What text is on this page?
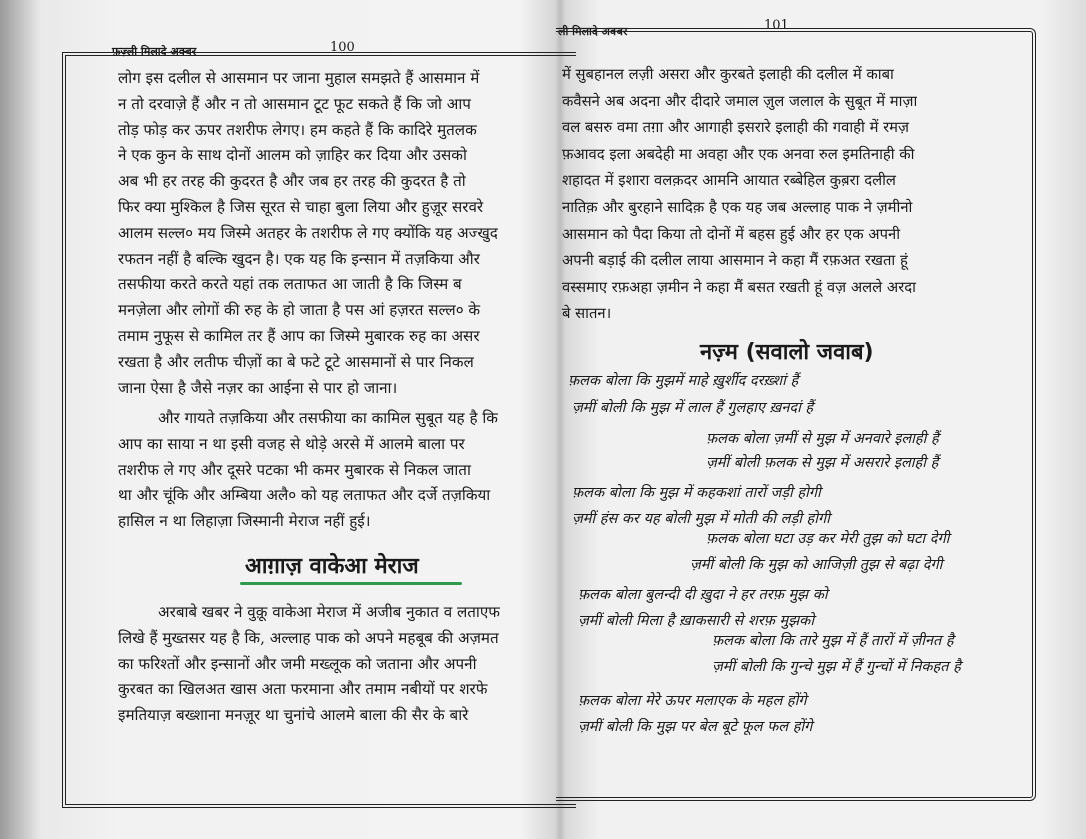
फ़ज़्ली मिलादे अक्बर	100
लोग इस दलील से आसमान पर जाना मुहाल समझते हैं आसमान में
न तो दरवाज़े हैं और न तो आसमान टूट फूट सकते हैं कि जो आप
तोड़ फोड़ कर ऊपर तशरीफ लेगए। हम कहते हैं कि कादिरे मुतलक
ने एक कुन के साथ दोनों आलम को ज़ाहिर कर दिया और उसको
अब भी हर तरह की कुदरत है और जब हर तरह की कुदरत है तो
फिर क्या मुश्किल है जिस सूरत से चाहा बुला लिया और हुज़ूर सरवरे
आलम सल्ल० मय जिस्मे अतहर के तशरीफ ले गए क्योंकि यह अज्खुद
रफतन नहीं है बल्कि खुदन है। एक यह कि इन्सान में तज़किया और
तसफीया करते करते यहां तक लताफत आ जाती है कि जिस्म ब
मनज़ेला और लोगों की रुह के हो जाता है पस आं हज़रत सल्ल० के
तमाम नुफूस से कामिल तर हैं आप का जिस्मे मुबारक रुह का असर
रखता है और लतीफ चीज़ों का बे फटे टूटे आसमानों से पार निकल
जाना ऐसा है जैसे नज़र का आईना से पार हो जाना।
और गायते तज़किया और तसफीया का कामिल सुबूत यह है कि
आप का साया न था इसी वजह से थोड़े अरसे में आलमे बाला पर
तशरीफ ले गए और दूसरे पटका भी कमर मुबारक से निकल जाता
था और चूंकि और अम्बिया अलै० को यह लताफत और दर्जे तज़किया
हासिल न था लिहाज़ा जिस्मानी मेराज नहीं हुई।
आग़ाज़ वाकेआ मेराज
अरबाबे खबर ने वुक़ू वाकेआ मेराज में अजीब नुकात व लताएफ
लिखे हैं मुख्तसर यह है कि, अल्लाह पाक को अपने महबूब की अज़मत
का फरिश्तों और इन्सानों और जमी मख्लूक को जताना और अपनी
कुरबत का खिलअत खास अता फरमाना और तमाम नबीयों पर शरफे
इमतियाज़ बख्शाना मनज़ूर था चुनांचे आलमे बाला की सैर के बारे
ली मिलादे अक्बर	101
में सुबहानल लज़ी असरा और कुरबते इलाही की दलील में काबा
कवैसने अब अदना और दीदारे जमाल ज़ुल जलाल के सुबूत में माज़ा
वल बसरु वमा तग़ा और आगाही इसरारे इलाही की गवाही में रमज़
फ़आवद इला अबदेही मा अवहा और एक अनवा रुल इमतिनाही की
शहादत में इशारा वलक़दर आमनि आयात रब्बेहिल कुब़रा दलील
नातिक़ और बुरहाने सादिक़ है एक यह जब अल्लाह पाक ने ज़मीनो
आसमान को पैदा किया तो दोनों में बहस हुई और हर एक अपनी
अपनी बड़ाई की दलील लाया आसमान ने कहा मैं रफ़अत रखता हूं
वस्समाए रफ़अहा ज़मीन ने कहा मैं बसत रखती हूं वज़ अलले अरदा
बे सातन।
नज़्म (सवालो जवाब)
फ़लक बोला कि मुझमें माहे ख़ुर्शीद दरख़्शां हैं
ज़मीं बोली कि मुझ में लाल हैं गुलहाए ख़नदां हैं
फ़लक बोला ज़मीं से मुझ में अनवारे इलाही हैं
ज़मीं बोली फ़लक से मुझ में असरारे इलाही हैं
फ़लक बोला कि मुझ में कहकशां तारों जड़ी होगी
ज़मीं हंस कर यह बोली मुझ में मोती की लड़ी होगी
फ़लक बोला घटा उड़ कर मेरी तुझ को घटा देगी
ज़मीं बोली कि मुझ को आजिज़ी तुझ से बढ़ा देगी
फ़लक बोला बुलन्दी दी ख़ुदा ने हर तरफ़ मुझ को
ज़मीं बोली मिला है ख़ाकसारी से शरफ़ मुझको
फ़लक बोला कि तारे मुझ में हैं तारों में ज़ीनत है
ज़मीं बोली कि गुन्चे मुझ में हैं गुन्चों में निकहत है
फ़लक बोला मेरे ऊपर मलाएक के महल होंगे
ज़मीं बोली कि मुझ पर बेल बूटे फूल फल होंगे
